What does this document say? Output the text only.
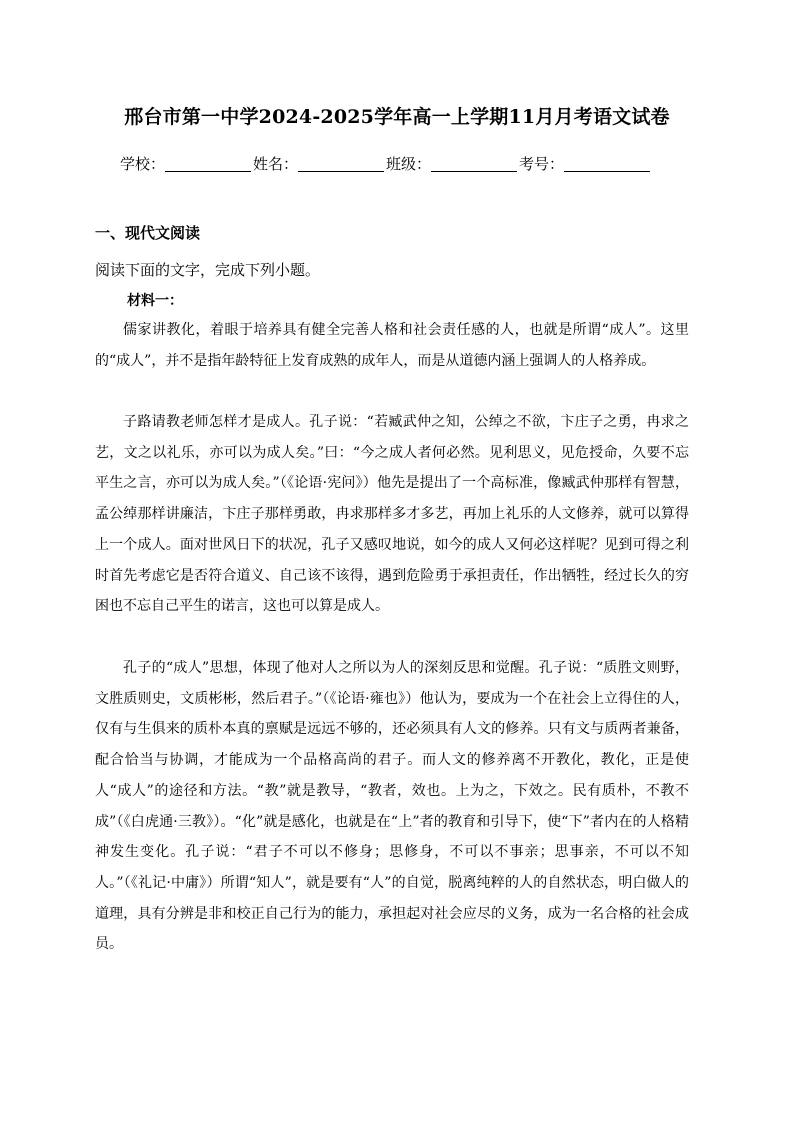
邢台市第一中学2024-2025学年高一上学期11月月考语文试卷
学校：	姓名：	班级：	考号：
一、现代文阅读
阅读下面的文字，完成下列小题。
材料一：
儒家讲教化，着眼于培养具有健全完善人格和社会责任感的人，也就是所谓“成人”。这里的“成人”，并不是指年龄特征上发育成熟的成年人，而是从道德内涵上强调人的人格养成。
子路请教老师怎样才是成人。孔子说：“若臧武仲之知，公绰之不欲，卞庄子之勇，冉求之艺，文之以礼乐，亦可以为成人矣。”曰：“今之成人者何必然。见利思义，见危授命，久要不忘平生之言，亦可以为成人矣。”（《论语·宪问》）他先是提出了一个高标准，像臧武仲那样有智慧，孟公绰那样讲廉洁，卞庄子那样勇敢，冉求那样多才多艺，再加上礼乐的人文修养，就可以算得上一个成人。面对世风日下的状况，孔子又感叹地说，如今的成人又何必这样呢？见到可得之利时首先考虑它是否符合道义、自己该不该得，遇到危险勇于承担责任，作出牺牲，经过长久的穷困也不忘自己平生的诺言，这也可以算是成人。
孔子的“成人”思想，体现了他对人之所以为人的深刻反思和觉醒。孔子说：“质胜文则野，文胜质则史，文质彬彬，然后君子。”（《论语·雍也》）他认为，要成为一个在社会上立得住的人，仅有与生俱来的质朴本真的禀赋是远远不够的，还必须具有人文的修养。只有文与质两者兼备，配合恰当与协调，才能成为一个品格高尚的君子。而人文的修养离不开教化，教化，正是使人“成人”的途径和方法。“教”就是教导，“教者，效也。上为之，下效之。民有质朴，不教不成”（《白虎通·三教》）。“化”就是感化，也就是在“上”者的教育和引导下，使“下”者内在的人格精神发生变化。孔子说：“君子不可以不修身；思修身，不可以不事亲；思事亲，不可以不知人。”（《礼记·中庸》）所谓“知人”，就是要有“人”的自觉，脱离纯粹的人的自然状态，明白做人的道理，具有分辨是非和校正自己行为的能力，承担起对社会应尽的义务，成为一名合格的社会成员。
